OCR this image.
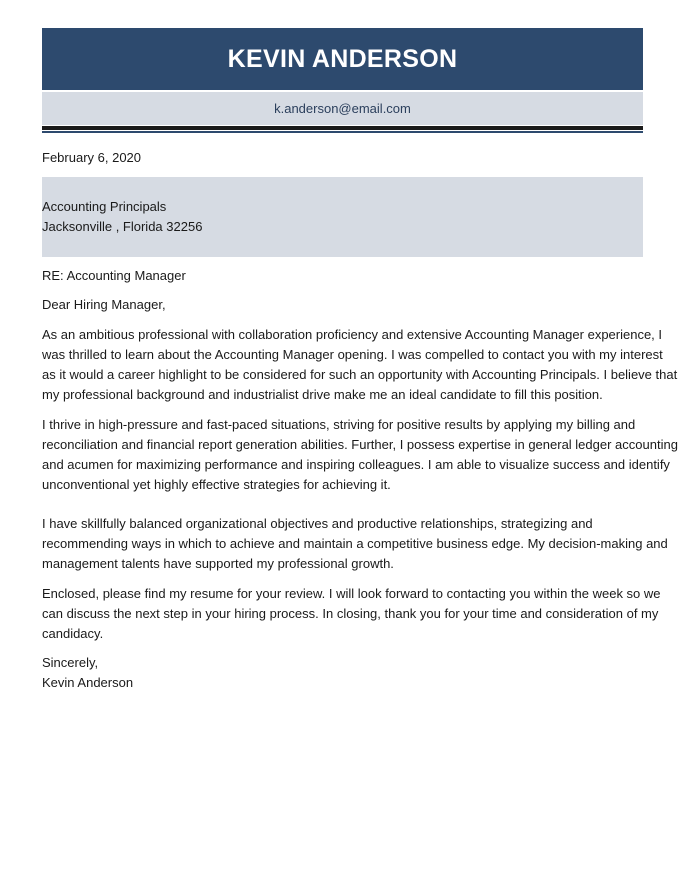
KEVIN ANDERSON
k.anderson@email.com
February 6, 2020
Accounting Principals
Jacksonville , Florida 32256
RE: Accounting Manager
Dear Hiring Manager,
As an ambitious professional with collaboration proficiency and extensive Accounting Manager experience, I
was thrilled to learn about the Accounting Manager opening. I was compelled to contact you with my interest
as it would a career highlight to be considered for such an opportunity with Accounting Principals. I believe that
my professional background and industrialist drive make me an ideal candidate to fill this position.
I thrive in high-pressure and fast-paced situations, striving for positive results by applying my billing and
reconciliation and financial report generation abilities. Further, I possess expertise in general ledger accounting
and acumen for maximizing performance and inspiring colleagues. I am able to visualize success and identify
unconventional yet highly effective strategies for achieving it.
I have skillfully balanced organizational objectives and productive relationships, strategizing and
recommending ways in which to achieve and maintain a competitive business edge. My decision-making and
management talents have supported my professional growth.
Enclosed, please find my resume for your review. I will look forward to contacting you within the week so we
can discuss the next step in your hiring process. In closing, thank you for your time and consideration of my
candidacy.
Sincerely,
Kevin Anderson
